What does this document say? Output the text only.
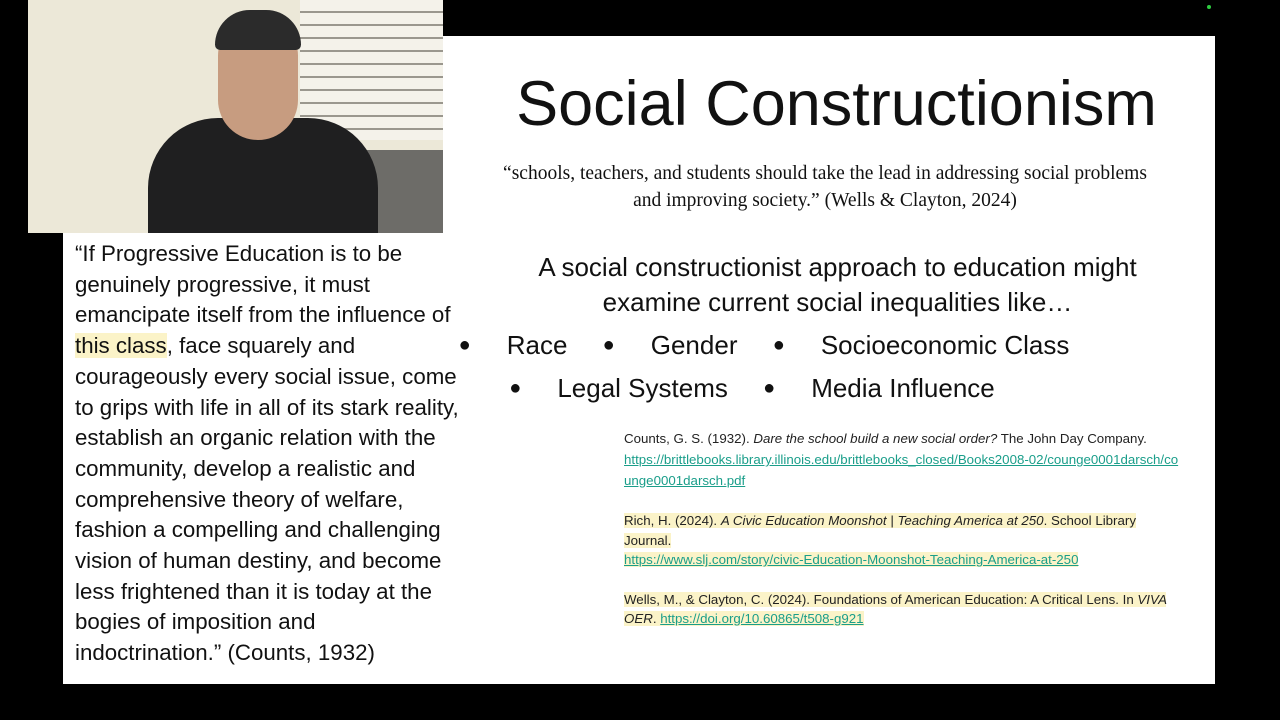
Social Constructionism
“schools, teachers, and students should take the lead in addressing social problems and improving society.” (Wells & Clayton, 2024)
“If Progressive Education is to be
genuinely progressive, it must
emancipate itself from the influence of
this class, face squarely and
courageously every social issue, come
to grips with life in all of its stark reality,
establish an organic relation with the
community, develop a realistic and
comprehensive theory of welfare,
fashion a compelling and challenging
vision of human destiny, and become
less frightened than it is today at the
bogies of imposition and
indoctrination.” (Counts, 1932)
A social constructionist approach to education might examine current social inequalities like…
● Race ● Gender ● Socioeconomic Class
● Legal Systems ● Media Influence
Counts, G. S. (1932). Dare the school build a new social order? The John Day Company.
https://brittlebooks.library.illinois.edu/brittlebooks_closed/Books2008-02/counge0001darsch/counge0001darsch.pdf
Rich, H. (2024). A Civic Education Moonshot | Teaching America at 250. School Library Journal.
https://www.slj.com/story/civic-Education-Moonshot-Teaching-America-at-250
Wells, M., & Clayton, C. (2024). Foundations of American Education: A Critical Lens. In VIVA OER. https://doi.org/10.60865/t508-g921
